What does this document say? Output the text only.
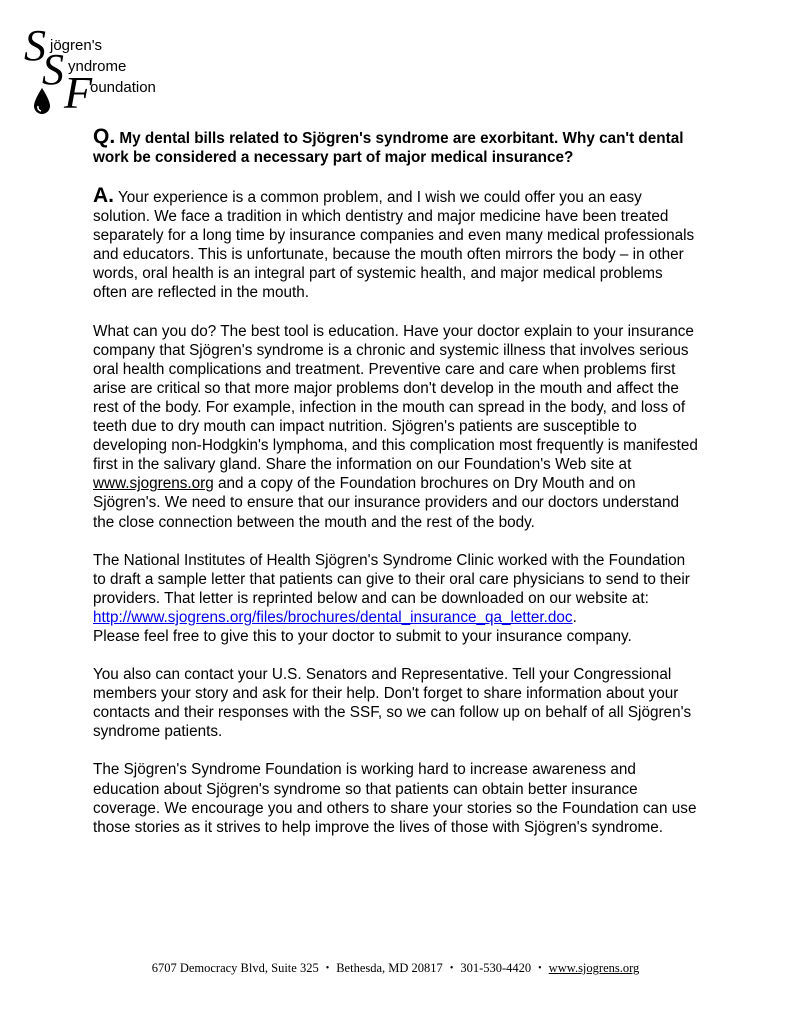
S jögren's
S yndrome
F
oundation

Q. My dental bills related to Sjögren's syndrome are exorbitant. Why can't dental work be considered a necessary part of major medical insurance?

A. Your experience is a common problem, and I wish we could offer you an easy solution. We face a tradition in which dentistry and major medicine have been treated separately for a long time by insurance companies and even many medical professionals and educators. This is unfortunate, because the mouth often mirrors the body – in other words, oral health is an integral part of systemic health, and major medical problems often are reflected in the mouth.

What can you do? The best tool is education. Have your doctor explain to your insurance company that Sjögren's syndrome is a chronic and systemic illness that involves serious oral health complications and treatment. Preventive care and care when problems first arise are critical so that more major problems don't develop in the mouth and affect the rest of the body. For example, infection in the mouth can spread in the body, and loss of teeth due to dry mouth can impact nutrition. Sjögren's patients are susceptible to developing non-Hodgkin's lymphoma, and this complication most frequently is manifested first in the salivary gland. Share the information on our Foundation's Web site at www.sjogrens.org and a copy of the Foundation brochures on Dry Mouth and on Sjögren's. We need to ensure that our insurance providers and our doctors understand the close connection between the mouth and the rest of the body.

The National Institutes of Health Sjögren's Syndrome Clinic worked with the Foundation to draft a sample letter that patients can give to their oral care physicians to send to their providers. That letter is reprinted below and can be downloaded on our website at:
http://www.sjogrens.org/files/brochures/dental_insurance_qa_letter.doc.
Please feel free to give this to your doctor to submit to your insurance company.

You also can contact your U.S. Senators and Representative. Tell your Congressional members your story and ask for their help. Don't forget to share information about your contacts and their responses with the SSF, so we can follow up on behalf of all Sjögren's syndrome patients.

The Sjögren's Syndrome Foundation is working hard to increase awareness and education about Sjögren's syndrome so that patients can obtain better insurance coverage. We encourage you and others to share your stories so the Foundation can use those stories as it strives to help improve the lives of those with Sjögren's syndrome.

6707 Democracy Blvd, Suite 325 • Bethesda, MD 20817 • 301-530-4420 • www.sjogrens.org
